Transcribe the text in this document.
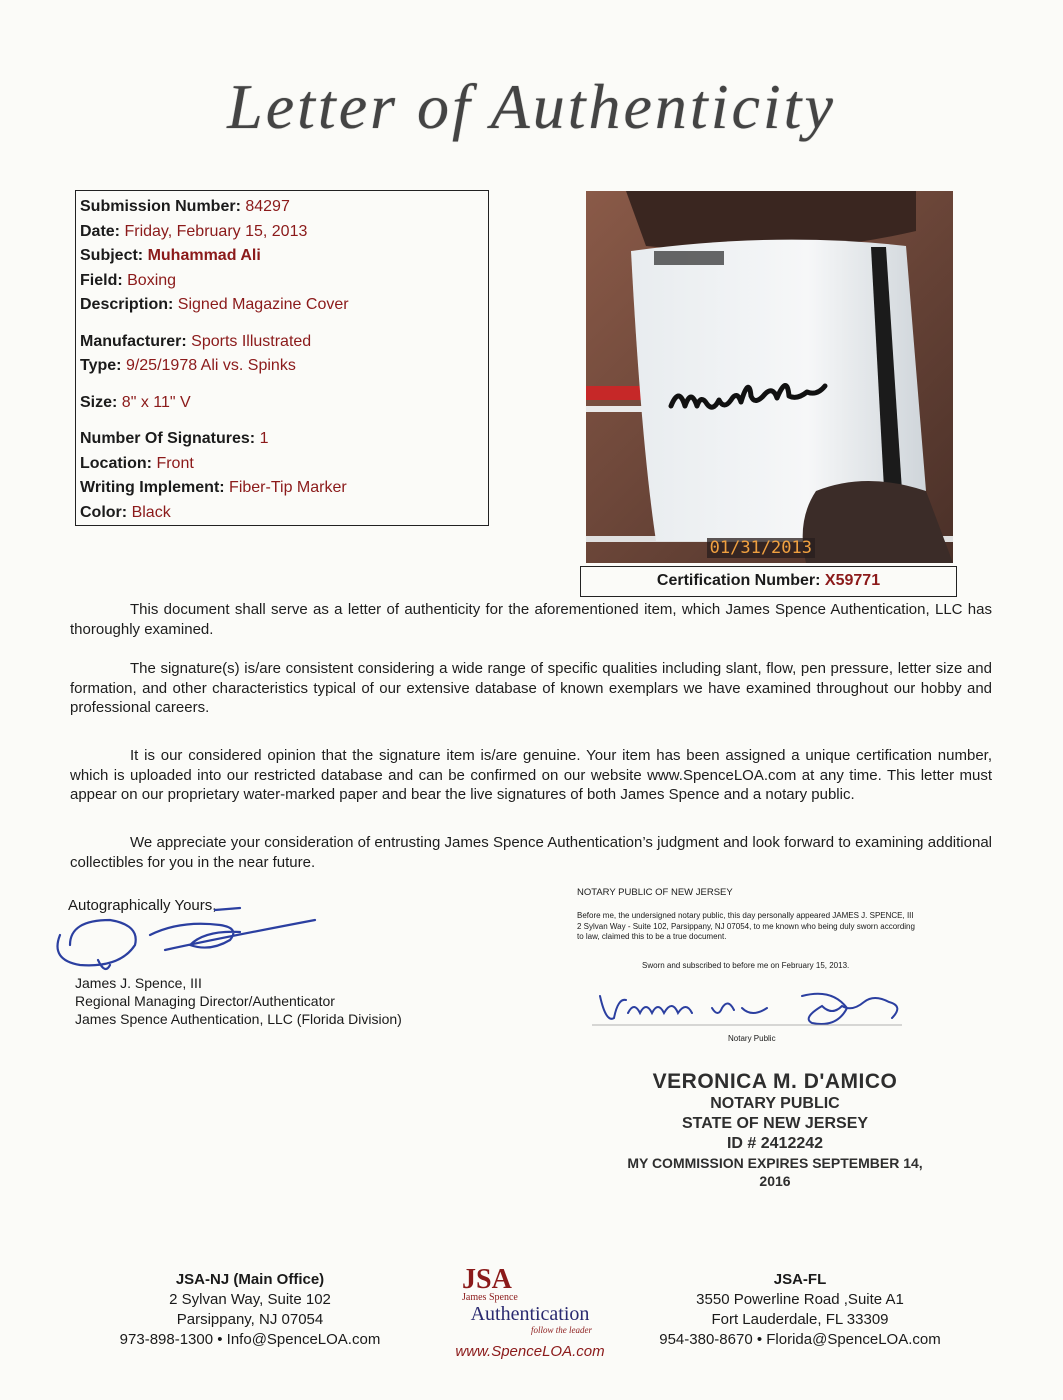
Letter of Authenticity
Submission Number: 84297
Date: Friday, February 15, 2013
Subject: Muhammad Ali
Field: Boxing
Description: Signed Magazine Cover
Manufacturer: Sports Illustrated
Type: 9/25/1978 Ali vs. Spinks
Size: 8" x 11" V
Number Of Signatures: 1
Location: Front
Writing Implement: Fiber-Tip Marker
Color: Black
01/31/2013
Certification Number: X59771
This document shall serve as a letter of authenticity for the aforementioned item, which James Spence Authentication, LLC has thoroughly examined.
The signature(s) is/are consistent considering a wide range of specific qualities including slant, flow, pen pressure, letter size and formation, and other characteristics typical of our extensive database of known exemplars we have examined throughout our hobby and professional careers.
It is our considered opinion that the signature item is/are genuine. Your item has been assigned a unique certification number, which is uploaded into our restricted database and can be confirmed on our website www.SpenceLOA.com at any time. This letter must appear on our proprietary water-marked paper and bear the live signatures of both James Spence and a notary public.
We appreciate your consideration of entrusting James Spence Authentication’s judgment and look forward to examining additional collectibles for you in the near future.
Autographically Yours,
James J. Spence, III
Regional Managing Director/Authenticator
James Spence Authentication, LLC (Florida Division)
NOTARY PUBLIC OF NEW JERSEY
Before me, the undersigned notary public, this day personally appeared JAMES J. SPENCE, III 2 Sylvan Way - Suite 102, Parsippany, NJ 07054, to me known who being duly sworn according to law, claimed this to be a true document.
Sworn and subscribed to before me on February 15, 2013.
Notary Public
VERONICA M. D'AMICO
NOTARY PUBLIC
STATE OF NEW JERSEY
ID # 2412242
MY COMMISSION EXPIRES SEPTEMBER 14, 2016
JSA-NJ (Main Office)
2 Sylvan Way, Suite 102
Parsippany, NJ 07054
973-898-1300 • Info@SpenceLOA.com
JSA
James Spence
Authentication
follow the leader
www.SpenceLOA.com
JSA-FL
3550 Powerline Road ,Suite A1
Fort Lauderdale, FL 33309
954-380-8670 • Florida@SpenceLOA.com
